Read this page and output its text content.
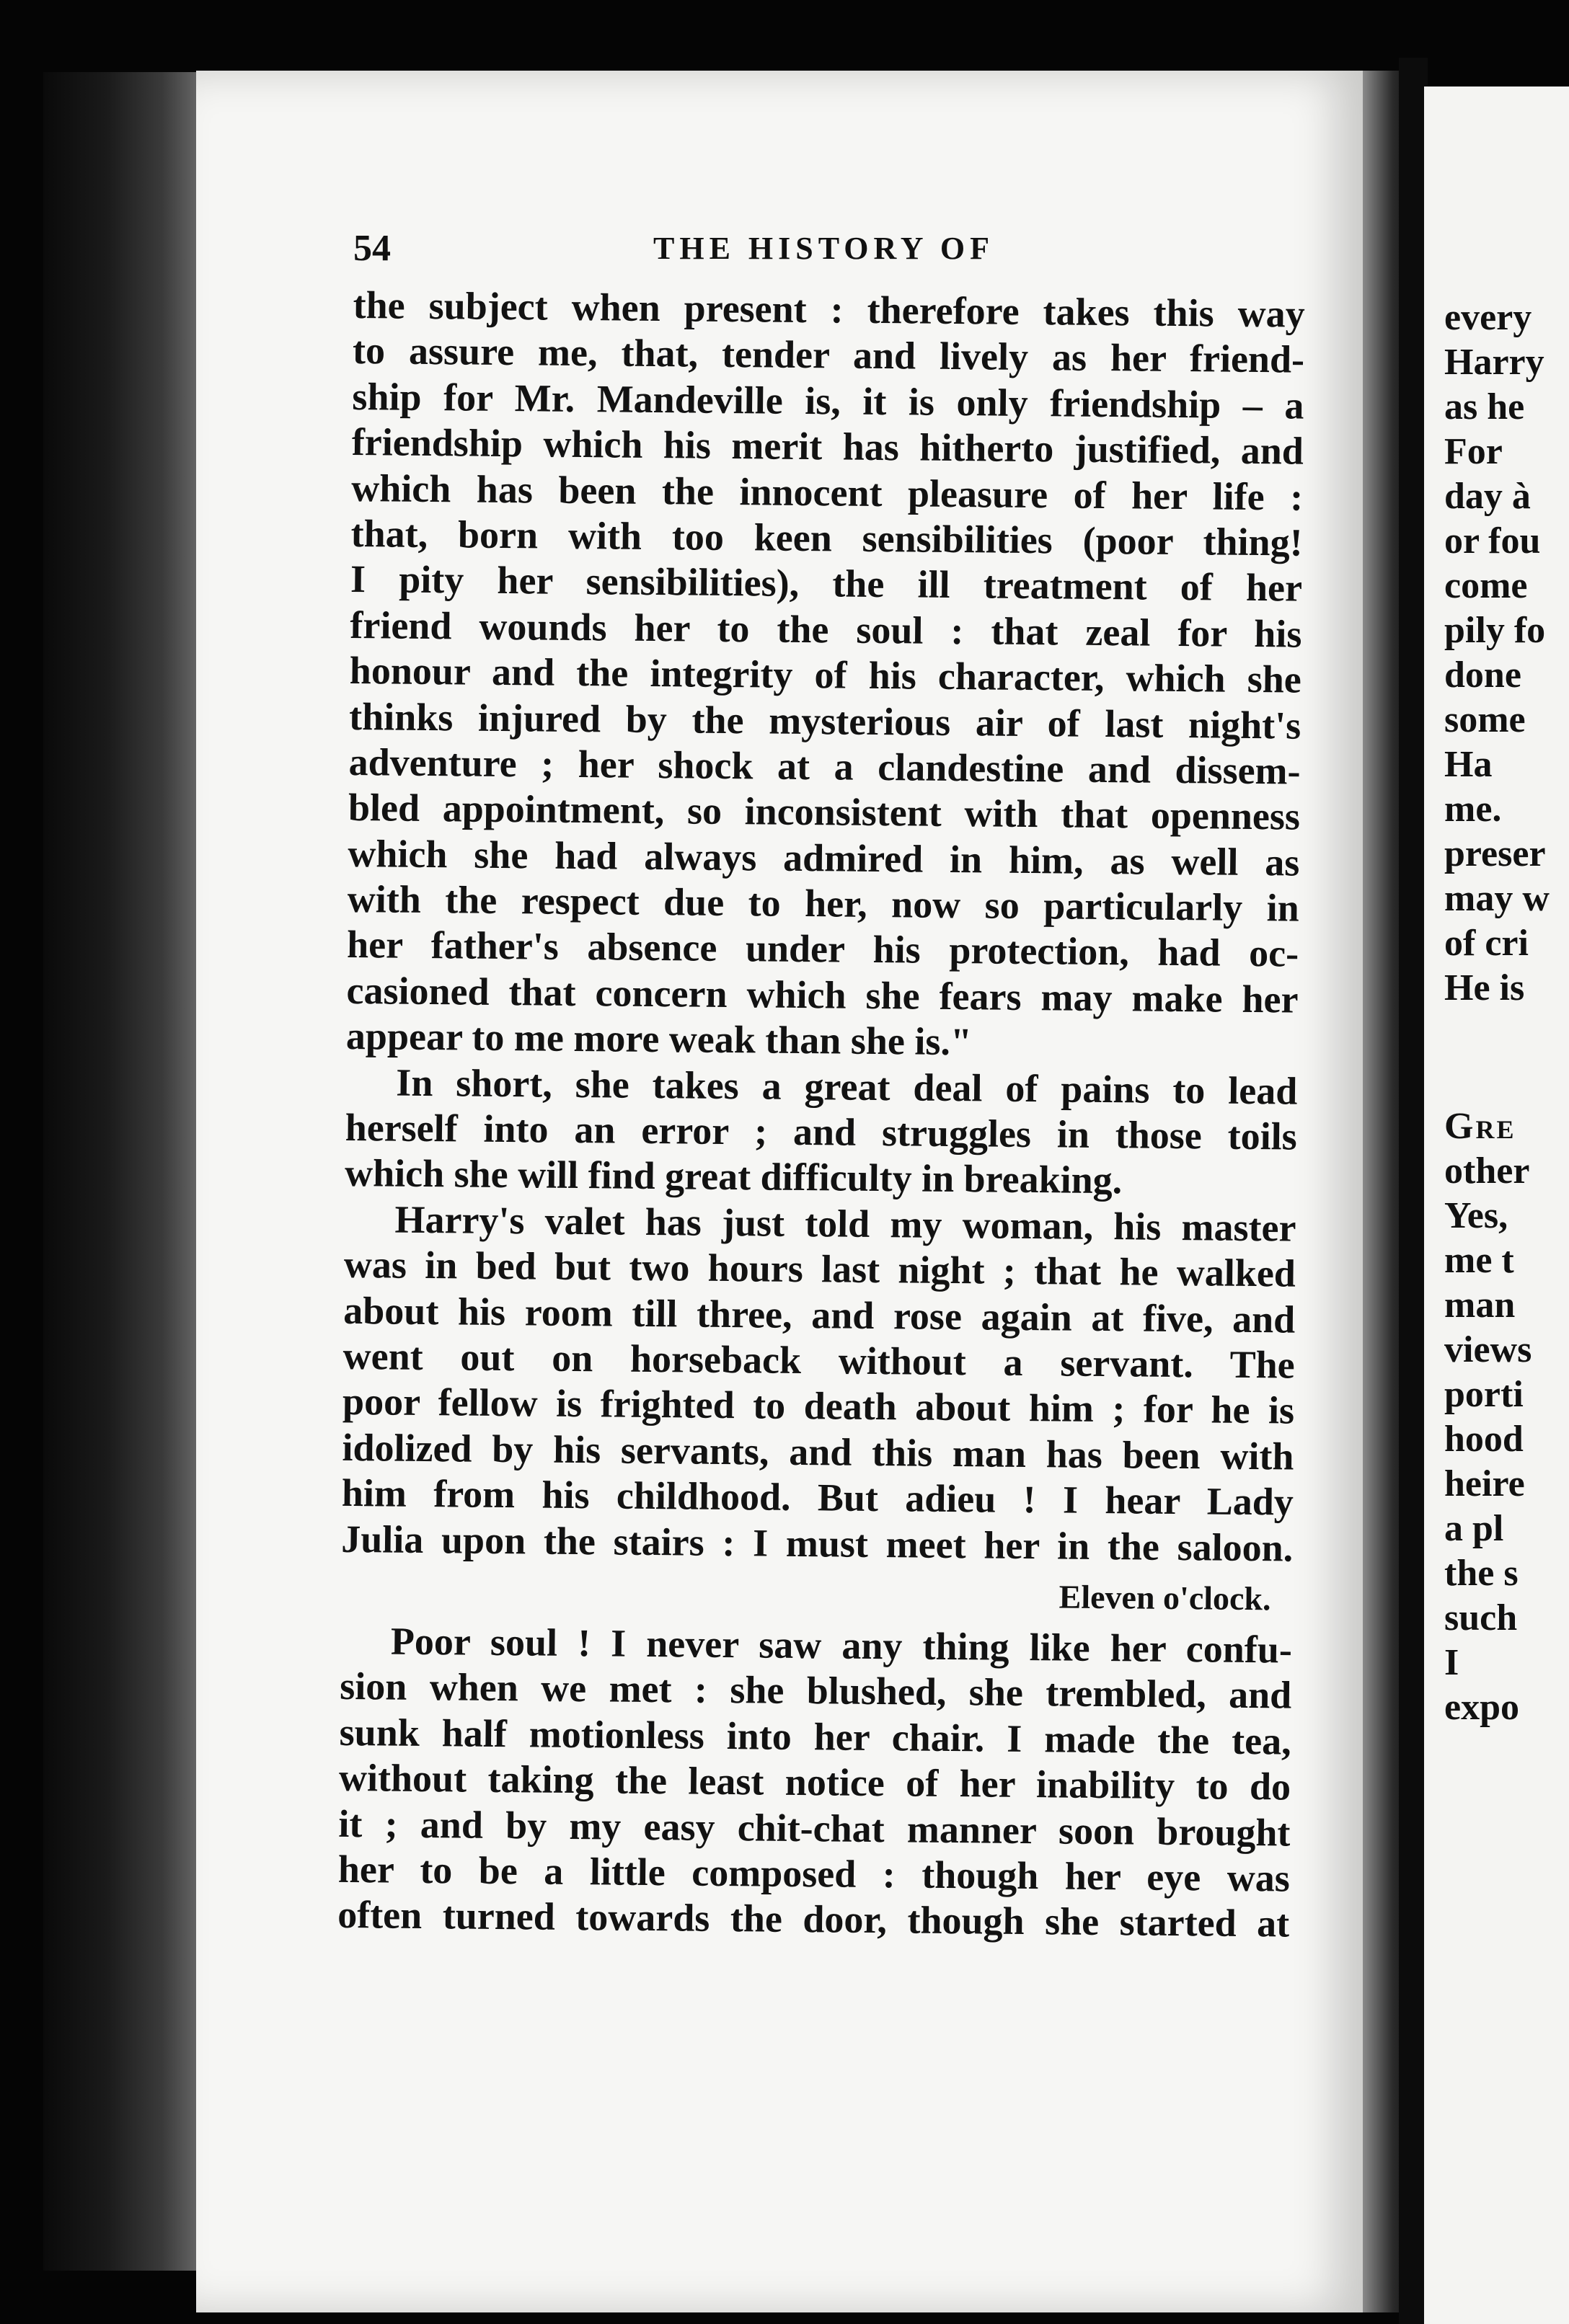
54	THE HISTORY OF
the subject when present : therefore takes this way
to assure me, that, tender and lively as her friend-
ship for Mr. Mandeville is, it is only friendship – a
friendship which his merit has hitherto justified, and
which has been the innocent pleasure of her life :
that, born with too keen sensibilities (poor thing!
I pity her sensibilities), the ill treatment of her
friend wounds her to the soul : that zeal for his
honour and the integrity of his character, which she
thinks injured by the mysterious air of last night's
adventure ; her shock at a clandestine and dissem-
bled appointment, so inconsistent with that openness
which she had always admired in him, as well as
with the respect due to her, now so particularly in
her father's absence under his protection, had oc-
casioned that concern which she fears may make her
appear to me more weak than she is."
In short, she takes a great deal of pains to lead
herself into an error ; and struggles in those toils
which she will find great difficulty in breaking.
Harry's valet has just told my woman, his master
was in bed but two hours last night ; that he walked
about his room till three, and rose again at five, and
went out on horseback without a servant. The
poor fellow is frighted to death about him ; for he is
idolized by his servants, and this man has been with
him from his childhood. But adieu ! I hear Lady
Julia upon the stairs : I must meet her in the saloon.
Eleven o'clock.
Poor soul ! I never saw any thing like her confu-
sion when we met : she blushed, she trembled, and
sunk half motionless into her chair. I made the tea,
without taking the least notice of her inability to do
it ; and by my easy chit-chat manner soon brought
her to be a little composed : though her eye was
often turned towards the door, though she started at
every
Harry
as he
For
day à
or fou
come
pily fo
done
some
Ha
me.
preser
may w
of cri
He is
Gre
other
Yes,
me t
man
views
porti
hood
heire
a pl
the s
such
I
expo
